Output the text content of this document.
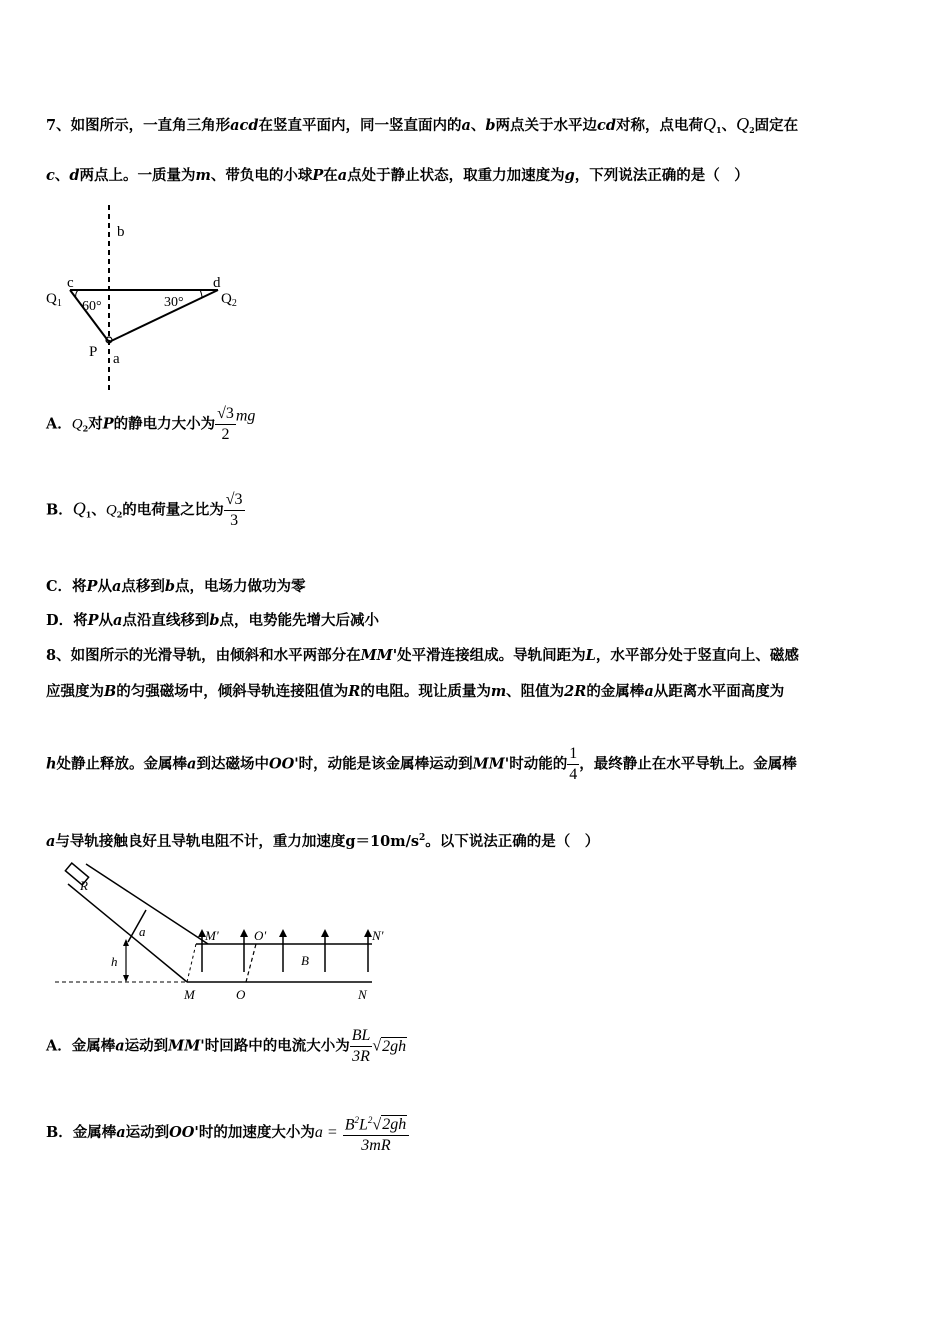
7、如图所示，一直角三角形acd在竖直平面内，同一竖直面内的a、b两点关于水平边cd对称，点电荷$Q_1$、$Q_2$固定在
c、d两点上。一质量为m、带负电的小球P在a点处于静止状态，取重力加速度为g，下列说法正确的是（　）
b
c	d
$Q_1$	$Q_2$
60°	30°
P a
A．$Q_2$对P的静电力大小为 $\frac{√3}{2}$ mg
B．$Q_1$、$Q_2$的电荷量之比为 $\frac{√3}{3}$
C．将P从a点移到b点，电场力做功为零
D．将P从a点沿直线移到b点，电势能先增大后减小
8、如图所示的光滑导轨，由倾斜和水平两部分在MM'处平滑连接组成。导轨间距为L，水平部分处于竖直向上、磁感
应强度为B的匀强磁场中，倾斜导轨连接阻值为R的电阻。现让质量为m、阻值为2R的金属棒a从距离水平面高度为
h处静止释放。金属棒a到达磁场中OO'时，动能是该金属棒运动到MM'时动能的 $\frac{1}{4}$ ，最终静止在水平导轨上。金属棒
a与导轨接触良好且导轨电阻不计，重力加速度$g=10m/s^2$。以下说法正确的是（　）
R
a
h
M'	O'	N'
B
M	O	N
A．金属棒a运动到MM'时回路中的电流大小为 $\frac{BL}{3R} √2gh$
B．金属棒a运动到OO'时的加速度大小为$a = \frac{B^2L^2√2gh}{3mR}$
